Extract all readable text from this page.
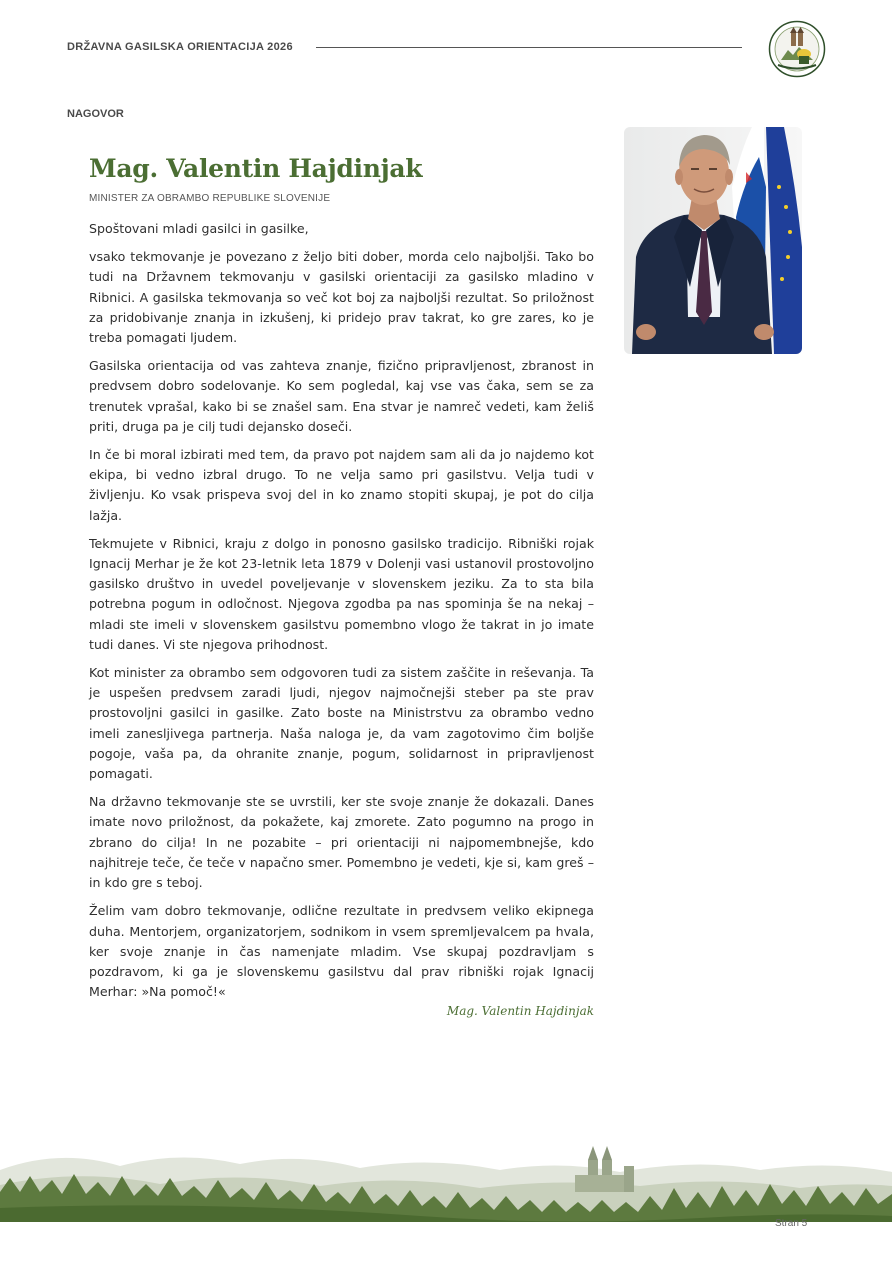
DRŽAVNA GASILSKA ORIENTACIJA 2026
NAGOVOR
Mag. Valentin Hajdinjak
MINISTER ZA OBRAMBO REPUBLIKE SLOVENIJE

Spoštovani mladi gasilci in gasilke,

vsako tekmovanje je povezano z željo biti dober, morda celo najboljši. Tako bo tudi na Državnem tekmovanju v gasilski orientaciji za gasilsko mladino v Ribnici. A gasilska tekmovanja so več kot boj za najboljši rezultat. So priložnost za pridobivanje znanja in izkušenj, ki pridejo prav takrat, ko gre zares, ko je treba pomagati ljudem.

Gasilska orientacija od vas zahteva znanje, fizično pripravljenost, zbranost in predvsem dobro sodelovanje. Ko sem pogledal, kaj vse vas čaka, sem se za trenutek vprašal, kako bi se znašel sam. Ena stvar je namreč vedeti, kam želiš priti, druga pa je cilj tudi dejansko doseči.

In če bi moral izbirati med tem, da pravo pot najdem sam ali da jo najdemo kot ekipa, bi vedno izbral drugo. To ne velja samo pri gasilstvu. Velja tudi v življenju. Ko vsak prispeva svoj del in ko znamo stopiti skupaj, je pot do cilja lažja.

Tekmujete v Ribnici, kraju z dolgo in ponosno gasilsko tradicijo. Ribniški rojak Ignacij Merhar je že kot 23-letnik leta 1879 v Dolenji vasi ustanovil prostovoljno gasilsko društvo in uvedel poveljevanje v slovenskem jeziku. Za to sta bila potrebna pogum in odločnost. Njegova zgodba pa nas spominja še na nekaj – mladi ste imeli v slovenskem gasilstvu pomembno vlogo že takrat in jo imate tudi danes. Vi ste njegova prihodnost.

Kot minister za obrambo sem odgovoren tudi za sistem zaščite in reševanja. Ta je uspešen predvsem zaradi ljudi, njegov najmočnejši steber pa ste prav prostovoljni gasilci in gasilke. Zato boste na Ministrstvu za obrambo vedno imeli zanesljivega partnerja. Naša naloga je, da vam zagotovimo čim boljše pogoje, vaša pa, da ohranite znanje, pogum, solidarnost in pripravljenost pomagati.

Na državno tekmovanje ste se uvrstili, ker ste svoje znanje že dokazali. Danes imate novo priložnost, da pokažete, kaj zmorete. Zato pogumno na progo in zbrano do cilja! In ne pozabite – pri orientaciji ni najpomembnejše, kdo najhitreje teče, če teče v napačno smer. Pomembno je vedeti, kje si, kam greš – in kdo gre s teboj.

Želim vam dobro tekmovanje, odlične rezultate in predvsem veliko ekipnega duha. Mentorjem, organizatorjem, sodnikom in vsem spremljevalcem pa hvala, ker svoje znanje in čas namenjate mladim. Vse skupaj pozdravljam s pozdravom, ki ga je slovenskemu gasilstvu dal prav ribniški rojak Ignacij Merhar: »Na pomoč!«

Mag. Valentin Hajdinjak
Stran 5
